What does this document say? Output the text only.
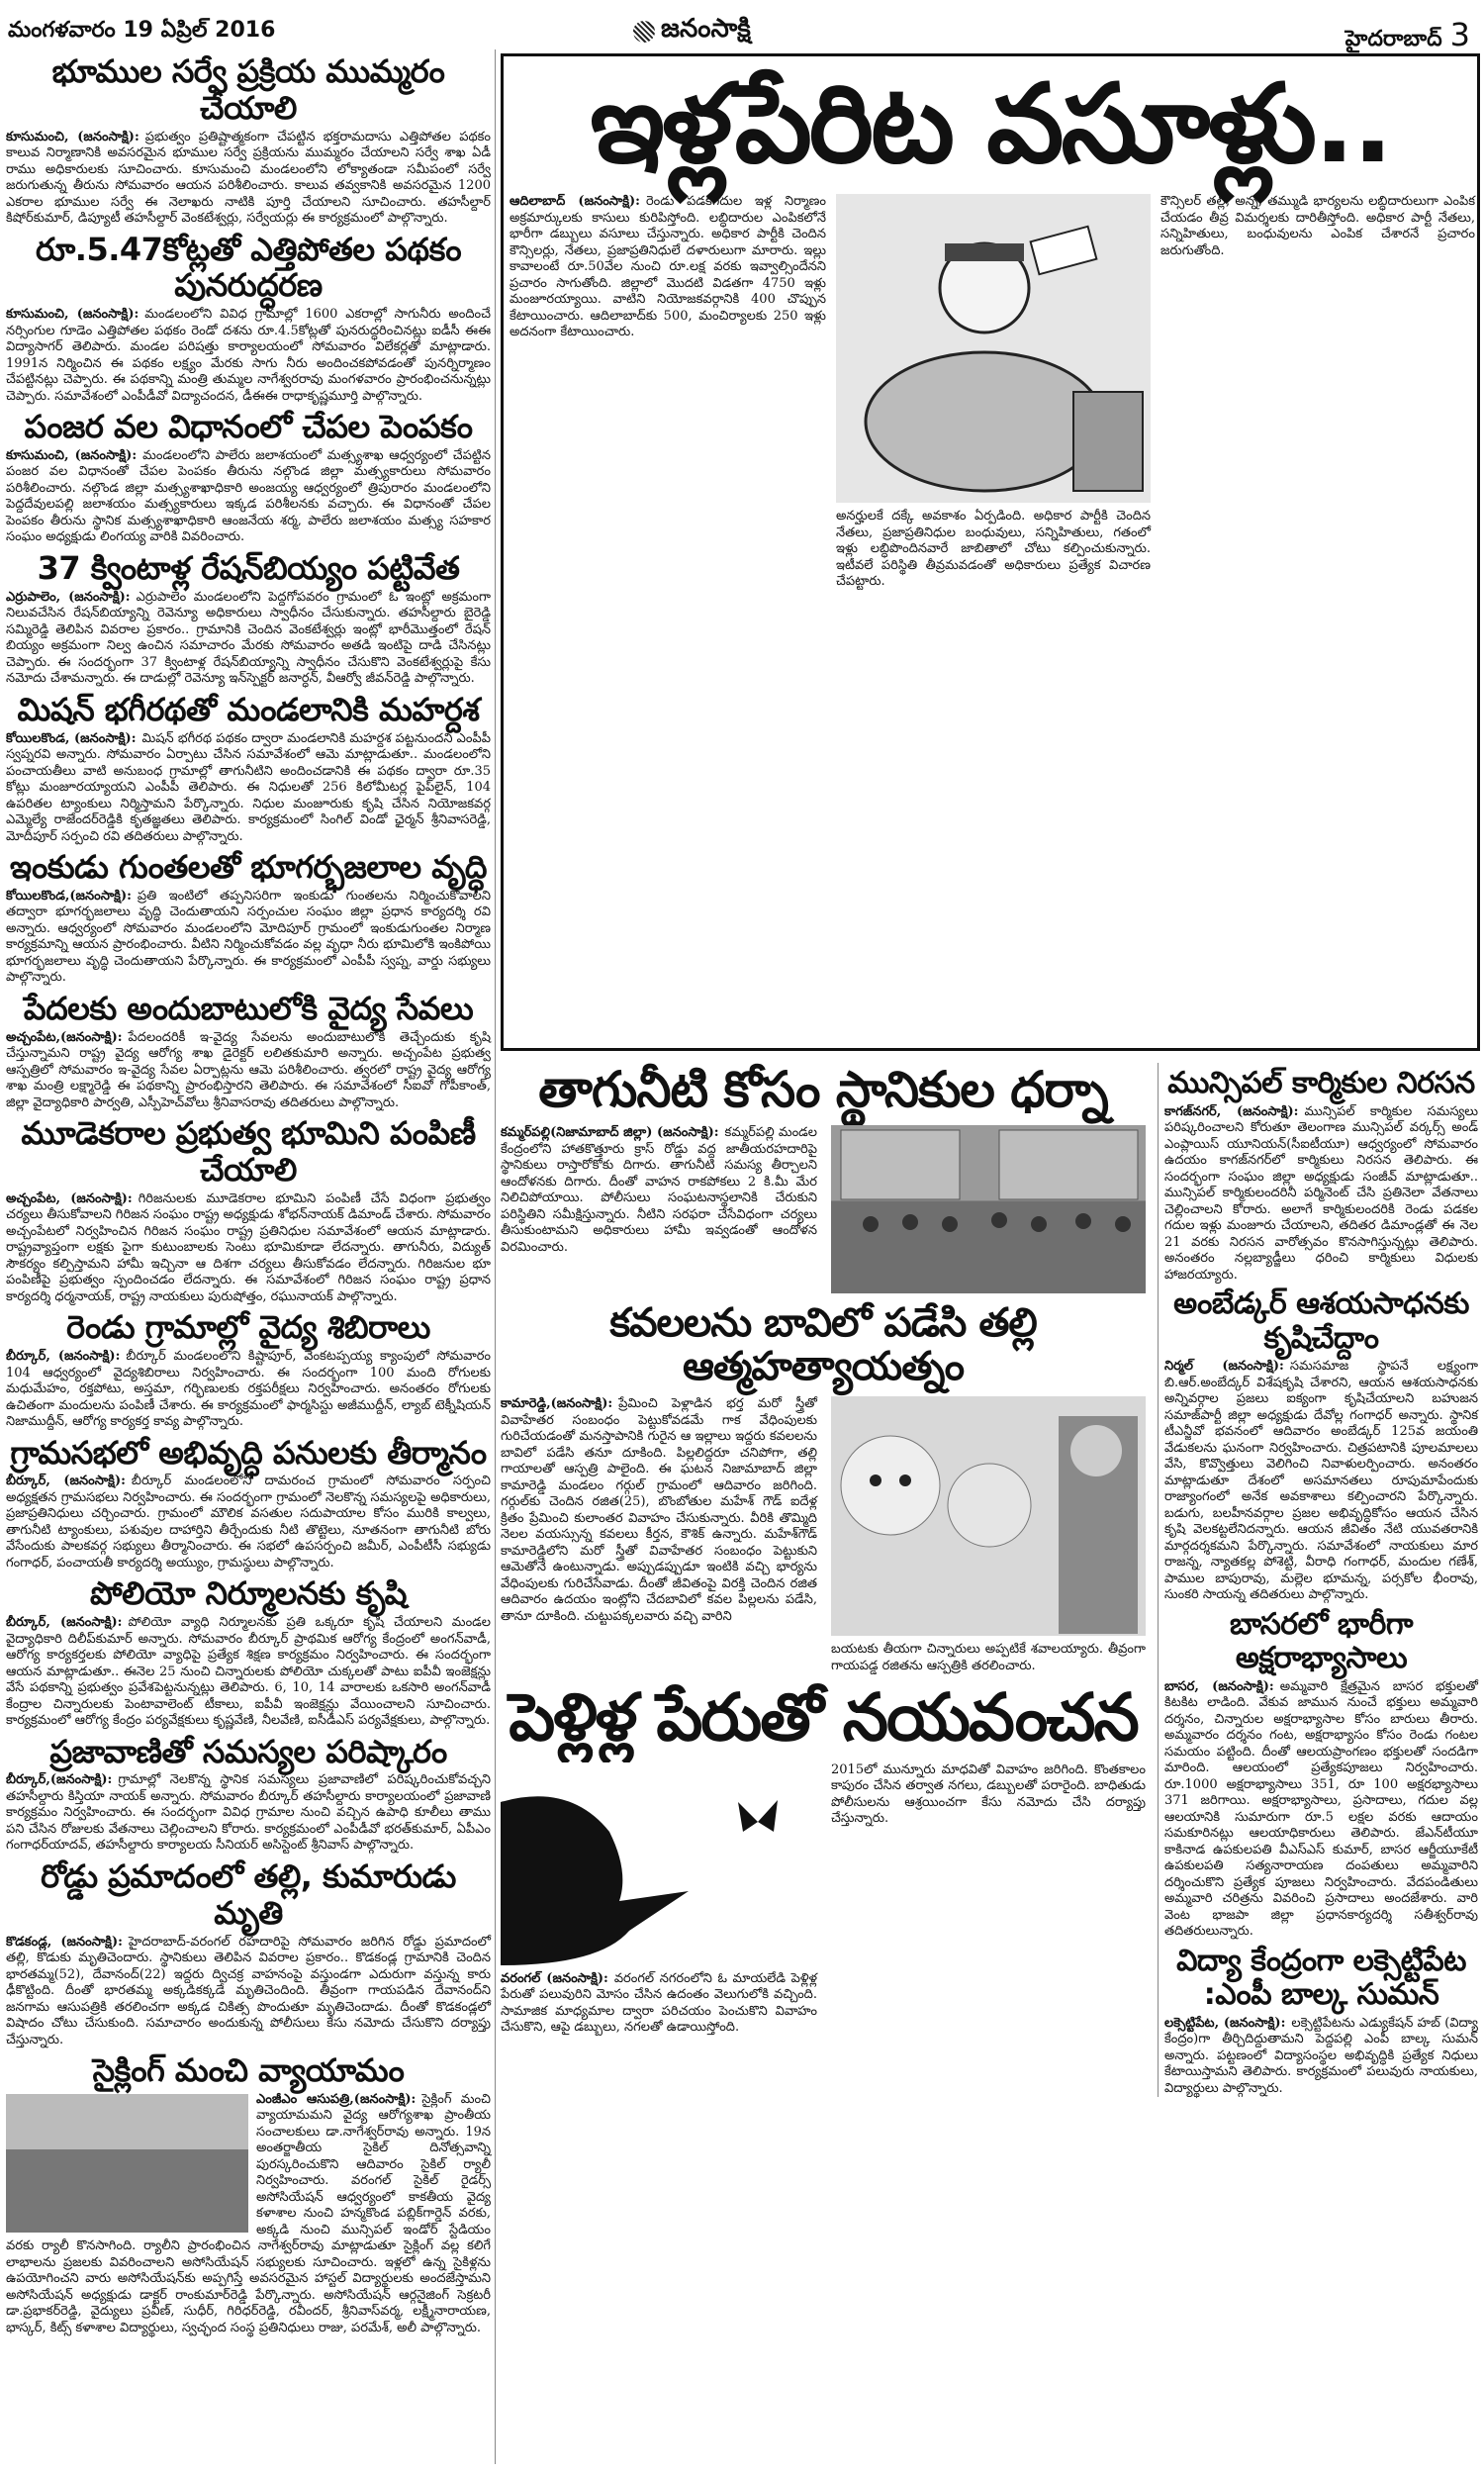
మంగళవారం 19 ఏప్రిల్ 2016	జనంసాక్షి	హైదరాబాద్ 3
భూముల సర్వే ప్రక్రియ ముమ్మరం చేయాలి

కూసుమంచి, (జనంసాక్షి): ప్రభుత్వం ప్రతిష్టాత్మకంగా చేపట్టిన భక్తరామదాసు ఎత్తిపోతల పథకం కాలువ నిర్మాణానికి అవసరమైన భూముల సర్వే ప్రక్రియను ముమ్మరం చేయాలని సర్వే శాఖ ఏడీ రాము అధికారులకు సూచించారు. కూసుమంచి మండలంలోని లోక్యాతండా సమీపంలో సర్వే జరుగుతున్న తీరును సోమవారం ఆయన పరిశీలించారు. కాలువ తవ్వకానికి అవసరమైన 1200 ఎకరాల భూముల సర్వే ఈ నెలాఖరు నాటికి పూర్తి చేయాలని సూచించారు. తహసీల్దార్ కిషోర్‌కుమార్, డిప్యూటీ తహసీల్దార్ వెంకటేశ్వర్లు, సర్వేయర్లు ఈ కార్యక్రమంలో పాల్గొన్నారు.

రూ.5.47కోట్లతో ఎత్తిపోతల పథకం పునరుద్ధరణ

కూసుమంచి, (జనంసాక్షి): మండలంలోని వివిధ గ్రామాల్లో 1600 ఎకరాల్లో సాగునీరు అందించే నర్సింగుల గూడెం ఎత్తిపోతల పథకం రెండో దశను రూ.4.5కోట్లతో పునరుద్ధరించినట్లు ఐడీసీ ఈఈ విద్యాసాగర్ తెలిపారు. మండల పరిషత్తు కార్యాలయంలో సోమవారం విలేకర్లతో మాట్లాడారు. 1991న నిర్మించిన ఈ పథకం లక్ష్యం మేరకు సాగు నీరు అందించకపోవడంతో పునర్నిర్మాణం చేపట్టినట్లు చెప్పారు. ఈ పథకాన్ని మంత్రి తుమ్మల నాగేశ్వరరావు మంగళవారం ప్రారంభించనున్నట్లు చెప్పారు. సమావేశంలో ఎంపీడీవో విద్యాచందన, డీఈఈ రాధాకృష్ణమూర్తి పాల్గొన్నారు.

పంజర వల విధానంలో చేపల పెంపకం

కూసుమంచి, (జనంసాక్షి): మండలంలోని పాలేరు జలాశయంలో మత్స్యశాఖ ఆధ్వర్యంలో చేపట్టిన పంజర వల విధానంతో చేపల పెంపకం తీరును నల్గొండ జిల్లా మత్స్యకారులు సోమవారం పరిశీలించారు. నల్గొండ జిల్లా మత్స్యశాఖాధికారి అంజయ్య ఆధ్వర్యంలో త్రిపురారం మండలంలోని పెద్దదేవులపల్లి జలాశయం మత్స్యకారులు ఇక్కడ పరిశీలనకు వచ్చారు. ఈ విధానంతో చేపల పెంపకం తీరును స్థానిక మత్స్యశాఖాధికారి ఆంజనేయ శర్మ, పాలేరు జలాశయం మత్స్య సహకార సంఘం అధ్యక్షుడు లింగయ్య వారికి వివరించారు.

37 క్వింటాళ్ల రేషన్‌బియ్యం పట్టివేత

ఎర్రుపాలెం, (జనంసాక్షి): ఎర్రుపాలెం మండలంలోని పెద్దగోపవరం గ్రామంలో ఓ ఇంట్లో అక్రమంగా నిలువచేసిన రేషన్‌బియ్యాన్ని రెవెన్యూ అధికారులు స్వాధీనం చేసుకున్నారు. తహసీల్దారు బైరెడ్డి సమ్మిరెడ్డి తెలిపిన వివరాల ప్రకారం.. గ్రామానికి చెందిన వెంకటేశ్వర్లు ఇంట్లో భారీమొత్తంలో రేషన్ బియ్యం అక్రమంగా నిల్వ ఉంచిన సమాచారం మేరకు సోమవారం అతడి ఇంటిపై దాడి చేసినట్లు చెప్పారు. ఈ సందర్భంగా 37 క్వింటాళ్ల రేషన్‌బియ్యాన్ని స్వాధీనం చేసుకొని వెంకటేశ్వర్లుపై కేసు నమోదు చేశామన్నారు. ఈ దాడుల్లో రెవెన్యూ ఇన్‌స్పెక్టర్ జనార్ధన్, వీఆర్వో జీవన్‌రెడ్డి పాల్గొన్నారు.

మిషన్ భగీరథతో మండలానికి మహర్దశ

కోయిలకొండ, (జనంసాక్షి): మిషన్ భగీరథ పథకం ద్వారా మండలానికి మహర్దశ పట్టనుందని ఎంపీపీ స్వప్నరవి అన్నారు. సోమవారం ఏర్పాటు చేసిన సమావేశంలో ఆమె మాట్లాడుతూ.. మండలంలోని పంచాయతీలు వాటి అనుబంధ గ్రామాల్లో తాగునీటిని అందించడానికి ఈ పథకం ద్వారా రూ.35 కోట్లు మంజూరయ్యాయని ఎంపీపీ తెలిపారు. ఈ నిధులతో 256 కిలోమీటర్ల పైప్‌లైన్, 104 ఉపరితల ట్యాంకులు నిర్మిస్తామని పేర్కొన్నారు. నిధుల మంజూరుకు కృషి చేసిన నియోజకవర్గ ఎమ్మెల్యే రాజేందర్‌రెడ్డికి కృతజ్ఞతలు తెలిపారు. కార్యక్రమంలో సింగిల్ విండో ఛైర్మన్ శ్రీనివాసరెడ్డి, మోదీపూర్ సర్పంచి రవి తదితరులు పాల్గొన్నారు.

ఇంకుడు గుంతలతో భూగర్భజలాల వృద్ధి

కోయిలకొండ,(జనంసాక్షి): ప్రతి ఇంటిలో తప్పనిసరిగా ఇంకుడు గుంతలను నిర్మించుకోవాలని తద్వారా భూగర్భజలాలు వృద్ధి చెందుతాయని సర్పంచుల సంఘం జిల్లా ప్రధాన కార్యదర్శి రవి అన్నారు. ఆధ్వర్యంలో సోమవారం మండలంలోని మోదిపూర్ గ్రామంలో ఇంకుడుగుంతల నిర్మాణ కార్యక్రమాన్ని ఆయన ప్రారంభించారు. వీటిని నిర్మించుకోవడం వల్ల వృధా నీరు భూమిలోకి ఇంకిపోయి భూగర్భజలాలు వృద్ధి చెందుతాయని పేర్కొన్నారు. ఈ కార్యక్రమంలో ఎంపీపీ స్వప్న, వార్డు సభ్యులు పాల్గొన్నారు.

పేదలకు అందుబాటులోకి వైద్య సేవలు

అచ్చంపేట,(జనంసాక్షి): పేదలందరికీ ఇ-వైద్య సేవలను అందుబాటులోకి తెచ్చేందుకు కృషి చేస్తున్నామని రాష్ట్ర వైద్య ఆరోగ్య శాఖ డైరెక్టర్ లలితకుమారి అన్నారు. అచ్చంపేట ప్రభుత్వ ఆస్పత్రిలో సోమవారం ఇ-వైద్య సేవల ఏర్పాట్లను ఆమె పరిశీలించారు. త్వరలో రాష్ట్ర వైద్య ఆరోగ్య శాఖ మంత్రి లక్ష్మారెడ్డి ఈ పథకాన్ని ప్రారంభిస్తారని తెలిపారు. ఈ సమావేశంలో సీఐవో గోపీకాంత్, జిల్లా వైద్యాధికారి పార్వతి, ఎస్పీహెచ్‌వోలు శ్రీనివాసరావు తదితరులు పాల్గొన్నారు.

మూడెకరాల ప్రభుత్వ భూమిని పంపిణీ చేయాలి

అచ్చంపేట, (జనంసాక్షి): గిరిజనులకు మూడెకరాల భూమిని పంపిణీ చేసే విధంగా ప్రభుత్వం చర్యలు తీసుకోవాలని గిరిజన సంఘం రాష్ట్ర అధ్యక్షుడు శోభన్‌నాయక్ డిమాండ్ చేశారు. సోమవారం అచ్చంపేటలో నిర్వహించిన గిరిజన సంఘం రాష్ట్ర ప్రతినిధుల సమావేశంలో ఆయన మాట్లాడారు. రాష్ట్రవ్యాప్తంగా లక్షకు పైగా కుటుంబాలకు సెంటు భూమికూడా లేదన్నారు. తాగునీరు, విద్యుత్ సౌకర్యం కల్పిస్తామని హామీ ఇచ్చినా ఆ దిశగా చర్యలు తీసుకోవడం లేదన్నారు. గిరిజనుల భూ పంపిణీపై ప్రభుత్వం స్పందించడం లేదన్నారు. ఈ సమావేశంలో గిరిజన సంఘం రాష్ట్ర ప్రధాన కార్యదర్శి ధర్మనాయక్, రాష్ట్ర నాయకులు పురుషోత్తం, రఘునాయక్ పాల్గొన్నారు.

రెండు గ్రామాల్లో వైద్య శిబిరాలు

బీర్కూర్, (జనంసాక్షి): బీర్కూర్ మండలంలోని కిష్టాపూర్, వెంకటప్పయ్య క్యాంపులో సోమవారం 104 ఆధ్వర్యంలో వైద్యశిబిరాలు నిర్వహించారు. ఈ సందర్భంగా 100 మంది రోగులకు మధుమేహం, రక్తపోటు, అస్తమా, గర్భిణులకు రక్తపరీక్షలు నిర్వహించారు. అనంతరం రోగులకు ఉచితంగా మందులను పంపిణీ చేశారు. ఈ కార్యక్రమంలో ఫార్మసిస్టు అజీముద్దీన్, ల్యాబ్ టెక్నీషియన్ నిజాముద్దీన్, ఆరోగ్య కార్యకర్త కావ్య పాల్గొన్నారు.

గ్రామసభలో అభివృద్ధి పనులకు తీర్మానం

బీర్కూర్, (జనంసాక్షి): బీర్కూర్ మండలంలోని దామరంచ గ్రామంలో సోమవారం సర్పంచి అధ్యక్షతన గ్రామసభలు నిర్వహించారు. ఈ సందర్భంగా గ్రామంలో నెలకొన్న సమస్యలపై అధికారులు, ప్రజాప్రతినిధులు చర్చించారు. గ్రామంలో మౌలిక వసతుల సదుపాయాల కోసం మురికి కాల్వలు, తాగునీటి ట్యాంకులు, పశువుల దాహార్తిని తీర్చేందుకు నీటి తొట్టెలు, నూతనంగా తాగునీటి బోరు వేసేందుకు పాలకవర్గ సభ్యులు తీర్మానించారు. ఈ సభలో ఉపసర్పంచి జమీర్, ఎంపీటీసీ సభ్యుడు గంగాధర్, పంచాయతీ కార్యదర్శి అయ్యుం, గ్రామస్థులు పాల్గొన్నారు.

పోలియో నిర్మూలనకు కృషి

బీర్కూర్, (జనంసాక్షి): పోలియో వ్యాధి నిర్మూలనకు ప్రతి ఒక్కరూ కృషి చేయాలని మండల వైద్యాధికారి దిలీప్‌కుమార్ అన్నారు. సోమవారం బీర్కూర్ ప్రాథమిక ఆరోగ్య కేంద్రంలో అంగన్‌వాడీ, ఆరోగ్య కార్యకర్తలకు పోలియో వ్యాధిపై ప్రత్యేక శిక్షణ కార్యక్రమం నిర్వహించారు. ఈ సందర్భంగా ఆయన మాట్లాడుతూ.. ఈనెల 25 నుంచి చిన్నారులకు పోలియో చుక్కలతో పాటు ఐపీవీ ఇంజెక్షన్లు వేసే పథకాన్ని ప్రభుత్వం ప్రవేశపెట్టనున్నట్లు తెలిపారు. 6, 10, 14 వారాలకు ఒకసారి అంగన్‌వాడీ కేంద్రాల చిన్నారులకు పెంటావాలెంట్ టీకాలు, ఐపీవీ ఇంజెక్షన్లు వేయించాలని సూచించారు. కార్యక్రమంలో ఆరోగ్య కేంద్రం పర్యవేక్షకులు కృష్ణవేణి, నీలవేణి, ఐసీడీఎస్ పర్యవేక్షకులు, పాల్గొన్నారు.

ప్రజావాణితో సమస్యల పరిష్కారం

బీర్కూర్,(జనంసాక్షి): గ్రామాల్లో నెలకొన్న స్థానిక సమస్యలు ప్రజావాణిలో పరిష్కరించుకోవచ్చని తహసీల్దారు కిస్తియా నాయక్ అన్నారు. సోమవారం బీర్కూర్ తహసీల్దారు కార్యాలయంలో ప్రజావాణి కార్యక్రమం నిర్వహించారు. ఈ సందర్భంగా వివిధ గ్రామాల నుంచి వచ్చిన ఉపాధి కూలీలు తాము పని చేసిన రోజులకు వేతనాలు చెల్లించాలని కోరారు. కార్యక్రమంలో ఎంపీడీవో భరత్‌కుమార్, ఏపీఎం గంగాధర్‌యాదవ్, తహసీల్దారు కార్యాలయ సీనియర్ అసిస్టెంట్ శ్రీనివాస్ పాల్గొన్నారు.

రోడ్డు ప్రమాదంలో తల్లి, కుమారుడు మృతి

కొడకండ్ల, (జనంసాక్షి): హైదరాబాద్-వరంగల్ రహదారిపై సోమవారం జరిగిన రోడ్డు ప్రమాదంలో తల్లి, కొడుకు మృతిచెందారు. స్థానికులు తెలిపిన వివరాల ప్రకారం.. కొడకండ్ల గ్రామానికి చెందిన భారతమ్మ(52), దేవానంద్(22) ఇద్దరు ద్విచక్ర వాహనంపై వస్తుండగా ఎదురుగా వస్తున్న కారు ఢీకొట్టింది. దీంతో భారతమ్మ అక్కడికక్కడే మృతిచెందింది. తీవ్రంగా గాయపడిన దేవానంద్‌ని జనగామ ఆసుపత్రికి తరలించగా అక్కడ చికిత్స పొందుతూ మృతిచెందాడు. దీంతో కొడకండ్లలో విషాదం చోటు చేసుకుంది. సమాచారం అందుకున్న పోలీసులు కేసు నమోదు చేసుకొని దర్యాప్తు చేస్తున్నారు.

సైక్లింగ్ మంచి వ్యాయామం

ఎంజీఎం ఆసుపత్రి,(జనంసాక్షి): సైక్లింగ్ మంచి వ్యాయామమని వైద్య ఆరోగ్యశాఖ ప్రాంతీయ సంచాలకులు డా.నాగేశ్వర్‌రావు అన్నారు. 19న అంతర్జాతీయ సైకిల్ దినోత్సవాన్ని పురస్కరించుకొని ఆదివారం సైకిల్ ర్యాలీ నిర్వహించారు. వరంగల్ సైకిల్ రైడర్స్ అసోసియేషన్ ఆధ్వర్యంలో కాకతీయ వైద్య కళాశాల నుంచి హన్మకొండ పబ్లిక్‌గార్డెన్ వరకు, అక్కడి నుంచి మున్సిపల్ ఇండోర్ స్టేడియం వరకు ర్యాలీ కొనసాగింది. ర్యాలీని ప్రారంభించిన నాగేశ్వర్‌రావు మాట్లాడుతూ సైక్లింగ్ వల్ల కలిగే లాభాలను ప్రజలకు వివరించాలని అసోసియేషన్ సభ్యులకు సూచించారు. ఇళ్లలో ఉన్న సైకిళ్లను ఉపయోగించని వారు అసోసియేషన్‌కు అప్పగిస్తే అవసరమైన హాస్టల్ విద్యార్థులకు అందజేస్తామని అసోసియేషన్ అధ్యక్షుడు డాక్టర్ రాంకుమార్‌రెడ్డి పేర్కొన్నారు. అసోసియేషన్ ఆర్గనైజింగ్ సెక్రటరీ డా.ప్రభాకర్‌రెడ్డి, వైద్యులు ప్రవీణ్, సుధీర్, గిరిధర్‌రెడ్డి, రవీందర్, శ్రీనివాస్‌వర్మ, లక్ష్మీనారాయణ, భాస్కర్, కిట్స్ కళాశాల విద్యార్థులు, స్వచ్ఛంద సంస్థ ప్రతినిధులు రాజు, పరమేశ్, అలీ పాల్గొన్నారు.

ఇళ్లపేరిట వసూళ్లు..
ఆదిలాబాద్ (జనంసాక్షి): రెండు పడకగదుల ఇళ్ల నిర్మాణం అక్రమార్కులకు కాసులు కురిపిస్తోంది. లబ్ధిదారుల ఎంపికలోనే భారీగా డబ్బులు వసూలు చేస్తున్నారు. అధికార పార్టీకి చెందిన కౌన్సిలర్లు, నేతలు, ప్రజాప్రతినిధులే దళారులుగా మారారు. ఇల్లు కావాలంటే రూ.50వేల నుంచి రూ.లక్ష వరకు ఇవ్వాల్సిందేనని ప్రచారం సాగుతోంది. జిల్లాలో మొదటి విడతగా 4750 ఇళ్లు మంజూరయ్యాయి. వాటిని నియోజకవర్గానికి 400 చొప్పున కేటాయించారు. ఆదిలాబాద్‌కు 500, మంచిర్యాలకు 250 ఇళ్లు అదనంగా కేటాయించారు.
అనర్హులకే దక్కే అవకాశం ఏర్పడింది. అధికార పార్టీకి చెందిన నేతలు, ప్రజాప్రతినిధుల బంధువులు, సన్నిహితులు, గతంలో ఇళ్లు లబ్ధిపొందినవారే జాబితాలో చోటు కల్పించుకున్నారు. ఇటీవలే పరిస్థితి తీవ్రమవడంతో అధికారులు ప్రత్యేక విచారణ చేపట్టారు.
కౌన్సిలర్ తల్లి, అన్న, తమ్ముడి భార్యలను లబ్ధిదారులుగా ఎంపిక చేయడం తీవ్ర విమర్శలకు దారితీస్తోంది. అధికార పార్టీ నేతలు, సన్నిహితులు, బంధువులను ఎంపిక చేశారనే ప్రచారం జరుగుతోంది.
తాగునీటి కోసం స్థానికుల ధర్నా
కమ్మర్‌పల్లి(నిజామాబాద్ జిల్లా) (జనంసాక్షి): కమ్మర్‌పల్లి మండల కేంద్రంలోని హాతకొత్తూరు క్రాస్ రోడ్డు వద్ద జాతీయరహదారిపై స్థానికులు రాస్తారోకోకు దిగారు. తాగునీటి సమస్య తీర్చాలని ఆందోళనకు దిగారు. దీంతో వాహన రాకపోకలు 2 కి.మీ మేర నిలిచిపోయాయి. పోలీసులు సంఘటనాస్థలానికి చేరుకుని పరిస్థితిని సమీక్షిస్తున్నారు. నీటిని సరఫరా చేసేవిధంగా చర్యలు తీసుకుంటామని అధికారులు హామీ ఇవ్వడంతో ఆందోళన విరమించారు.
కవలలను బావిలో పడేసి తల్లి ఆత్మహత్యాయత్నం
కామారెడ్డి,(జనంసాక్షి): ప్రేమించి పెళ్లాడిన భర్త మరో స్త్రీతో వివాహేతర సంబంధం పెట్టుకోవడమే గాక వేధింపులకు గురిచేయడంతో మనస్తాపానికి గురైన ఆ ఇల్లాలు ఇద్దరు కవలలను బావిలో పడేసి తనూ దూకింది. పిల్లలిద్దరూ చనిపోగా, తల్లి గాయాలతో ఆస్పత్రి పాలైంది. ఈ ఘటన నిజామాబాద్ జిల్లా కామారెడ్డి మండలం గర్గుల్ గ్రామంలో ఆదివారం జరిగింది. గర్గుల్‌కు చెందిన రజిత(25), బొంబోతుల మహేశ్ గౌడ్ ఐదేళ్ల క్రితం ప్రేమించి కులాంతర వివాహం చేసుకున్నారు. వీరికి తొమ్మిది నెలల వయస్సున్న కవలలు కీర్తన, కౌశిక్ ఉన్నారు. మహేశ్‌గౌడ్ కామారెడ్డిలోని మరో స్త్రీతో వివాహేతర సంబంధం పెట్టుకుని ఆమెతోనే ఉంటున్నాడు. అప్పుడప్పుడూ ఇంటికి వచ్చి భార్యను వేధింపులకు గురిచేసేవాడు. దీంతో జీవితంపై విరక్తి చెందిన రజిత ఆదివారం ఉదయం ఇంట్లోని చేదబావిలో కవల పిల్లలను పడేసి, తానూ దూకింది. చుట్టుపక్కలవారు వచ్చి వారిని
బయటకు తీయగా చిన్నారులు అప్పటికే శవాలయ్యారు. తీవ్రంగా గాయపడ్డ రజితను ఆస్పత్రికి తరలించారు.
పెళ్లిళ్ల పేరుతో నయవంచన
వరంగల్ (జనంసాక్షి): వరంగల్ నగరంలోని ఓ మాయలేడి పెళ్లిళ్ల పేరుతో పలువురిని మోసం చేసిన ఉదంతం వెలుగులోకి వచ్చింది. సామాజిక మాధ్యమాల ద్వారా పరిచయం పెంచుకొని వివాహం చేసుకొని, ఆపై డబ్బులు, నగలతో ఉడాయిస్తోంది.
2015లో మున్నూరు మాధవితో వివాహం జరిగింది. కొంతకాలం కాపురం చేసిన తర్వాత నగలు, డబ్బులతో పరారైంది. బాధితుడు పోలీసులను ఆశ్రయించగా కేసు నమోదు చేసి దర్యాప్తు చేస్తున్నారు.
మున్సిపల్ కార్మికుల నిరసన

కాగజ్‌నగర్, (జనంసాక్షి): మున్సిపల్ కార్మికుల సమస్యలు పరిష్కరించాలని కోరుతూ తెలంగాణ మున్సిపల్ వర్కర్స్ అండ్ ఎంప్లాయిస్ యూనియన్(సీఐటీయూ) ఆధ్వర్యంలో సోమవారం ఉదయం కాగజ్‌నగర్‌లో కార్మికులు నిరసన తెలిపారు. ఈ సందర్భంగా సంఘం జిల్లా అధ్యక్షుడు సంజీవ్ మాట్లాడుతూ.. మున్సిపల్ కార్మికులందరినీ పర్మినెంట్ చేసి ప్రతినెలా వేతనాలు చెల్లించాలని కోరారు. అలాగే కార్మికులందరికి రెండు పడకల గదుల ఇళ్లు మంజూరు చేయాలని, తదితర డిమాండ్లతో ఈ నెల 21 వరకు నిరసన వారోత్సవం కొనసాగిస్తున్నట్లు తెలిపారు. అనంతరం నల్లబ్యాడ్జీలు ధరించి కార్మికులు విధులకు హాజరయ్యారు.

అంబేడ్కర్ ఆశయసాధనకు కృషిచేద్దాం

నిర్మల్ (జనంసాక్షి): సమసమాజ స్థాపనే లక్ష్యంగా బి.ఆర్.అంబేద్కర్ విశేషకృషి చేశారని, ఆయన ఆశయసాధనకు అన్నివర్గాల ప్రజలు ఐక్యంగా కృషిచేయాలని బహుజన సమాజ్‌పార్టీ జిల్లా అధ్యక్షుడు దేవోల్ల గంగాధర్ అన్నారు. స్థానిక టీఎన్జీవో భవనంలో ఆదివారం అంబేడ్కర్ 125వ జయంతి వేడుకలను ఘనంగా నిర్వహించారు. చిత్రపటానికి పూలమాలలు వేసి, కొవ్వొత్తులు వెలిగించి నివాళులర్పించారు. అనంతరం మాట్లాడుతూ దేశంలో అసమానతలు రూపుమాపేందుకు రాజ్యాంగంలో అనేక అవకాశాలు కల్పించారని పేర్కొన్నారు. బడుగు, బలహీనవర్గాల ప్రజల అభివృద్ధికోసం ఆయన చేసిన కృషి వెలకట్టలేనిదన్నారు. ఆయన జీవితం నేటి యువతరానికి మార్గదర్శకమని పేర్కొన్నారు. సమావేశంలో నాయకులు మార రాజన్న, న్యాతకల్ల పోశెట్టి, వీరాధి గంగాధర్, మందుల గణేశ్, పాముల బాపురావు, మల్లెల భూమన్న, పర్సకోల భీంరావు, సుంకరి సాయన్న తదితరులు పాల్గొన్నారు.

బాసరలో భారీగా అక్షరాభ్యాసాలు

బాసర, (జనంసాక్షి): అమ్మవారి క్షేత్రమైన బాసర భక్తులతో కిటకిట లాడింది. వేకువ జామున నుంచే భక్తులు అమ్మవారి దర్శనం, చిన్నారుల అక్షరాభ్యాసాల కోసం బారులు తీరారు. అమ్మవారం దర్శనం గంట, అక్షరాభ్యాసం కోసం రెండు గంటల సమయం పట్టింది. దీంతో ఆలయప్రాంగణం భక్తులతో సందడిగా మారింది. ఆలయంలో ప్రత్యేకపూజలు నిర్వహించారు. రూ.1000 అక్షరాభ్యాసాలు 351, రూ 100 అక్షరభ్యాసాలు 371 జరిగాయి. అక్షరాభ్యాసాలు, ప్రసాదాలు, గదుల వల్ల ఆలయానికి సుమారుగా రూ.5 లక్షల వరకు ఆదాయం సమకూరినట్లు ఆలయాధికారులు తెలిపారు. జేఎన్‌టీయూ కాకినాడ ఉపకులపతి వీఎస్‌ఎస్ కుమార్, బాసర ఆర్జీయూకేటీ ఉపకులపతి సత్యనారాయణ దంపతులు అమ్మవారిని దర్శించుకొని ప్రత్యేక పూజలు నిర్వహించారు. వేదపండితులు అమ్మవారి చరిత్రను వివరించి ప్రసాదాలు అందజేశారు. వారి వెంట భాజపా జిల్లా ప్రధానకార్యదర్శి సతీశ్వర్‌రావు తదితరులున్నారు.

విద్యా కేంద్రంగా లక్సెట్టిపేట :ఎంపీ బాల్క సుమన్

లక్సెట్టిపేట, (జనంసాక్షి): లక్సెట్టిపేటను ఎడ్యుకేషన్ హబ్ (విద్యా కేంద్రం)గా తీర్చిదిద్దుతామని పెద్దపల్లి ఎంపీ బాల్క సుమన్ అన్నారు. పట్టణంలో విద్యాసంస్థల అభివృద్ధికి ప్రత్యేక నిధులు కేటాయిస్తామని తెలిపారు. కార్యక్రమంలో పలువురు నాయకులు, విద్యార్థులు పాల్గొన్నారు.
